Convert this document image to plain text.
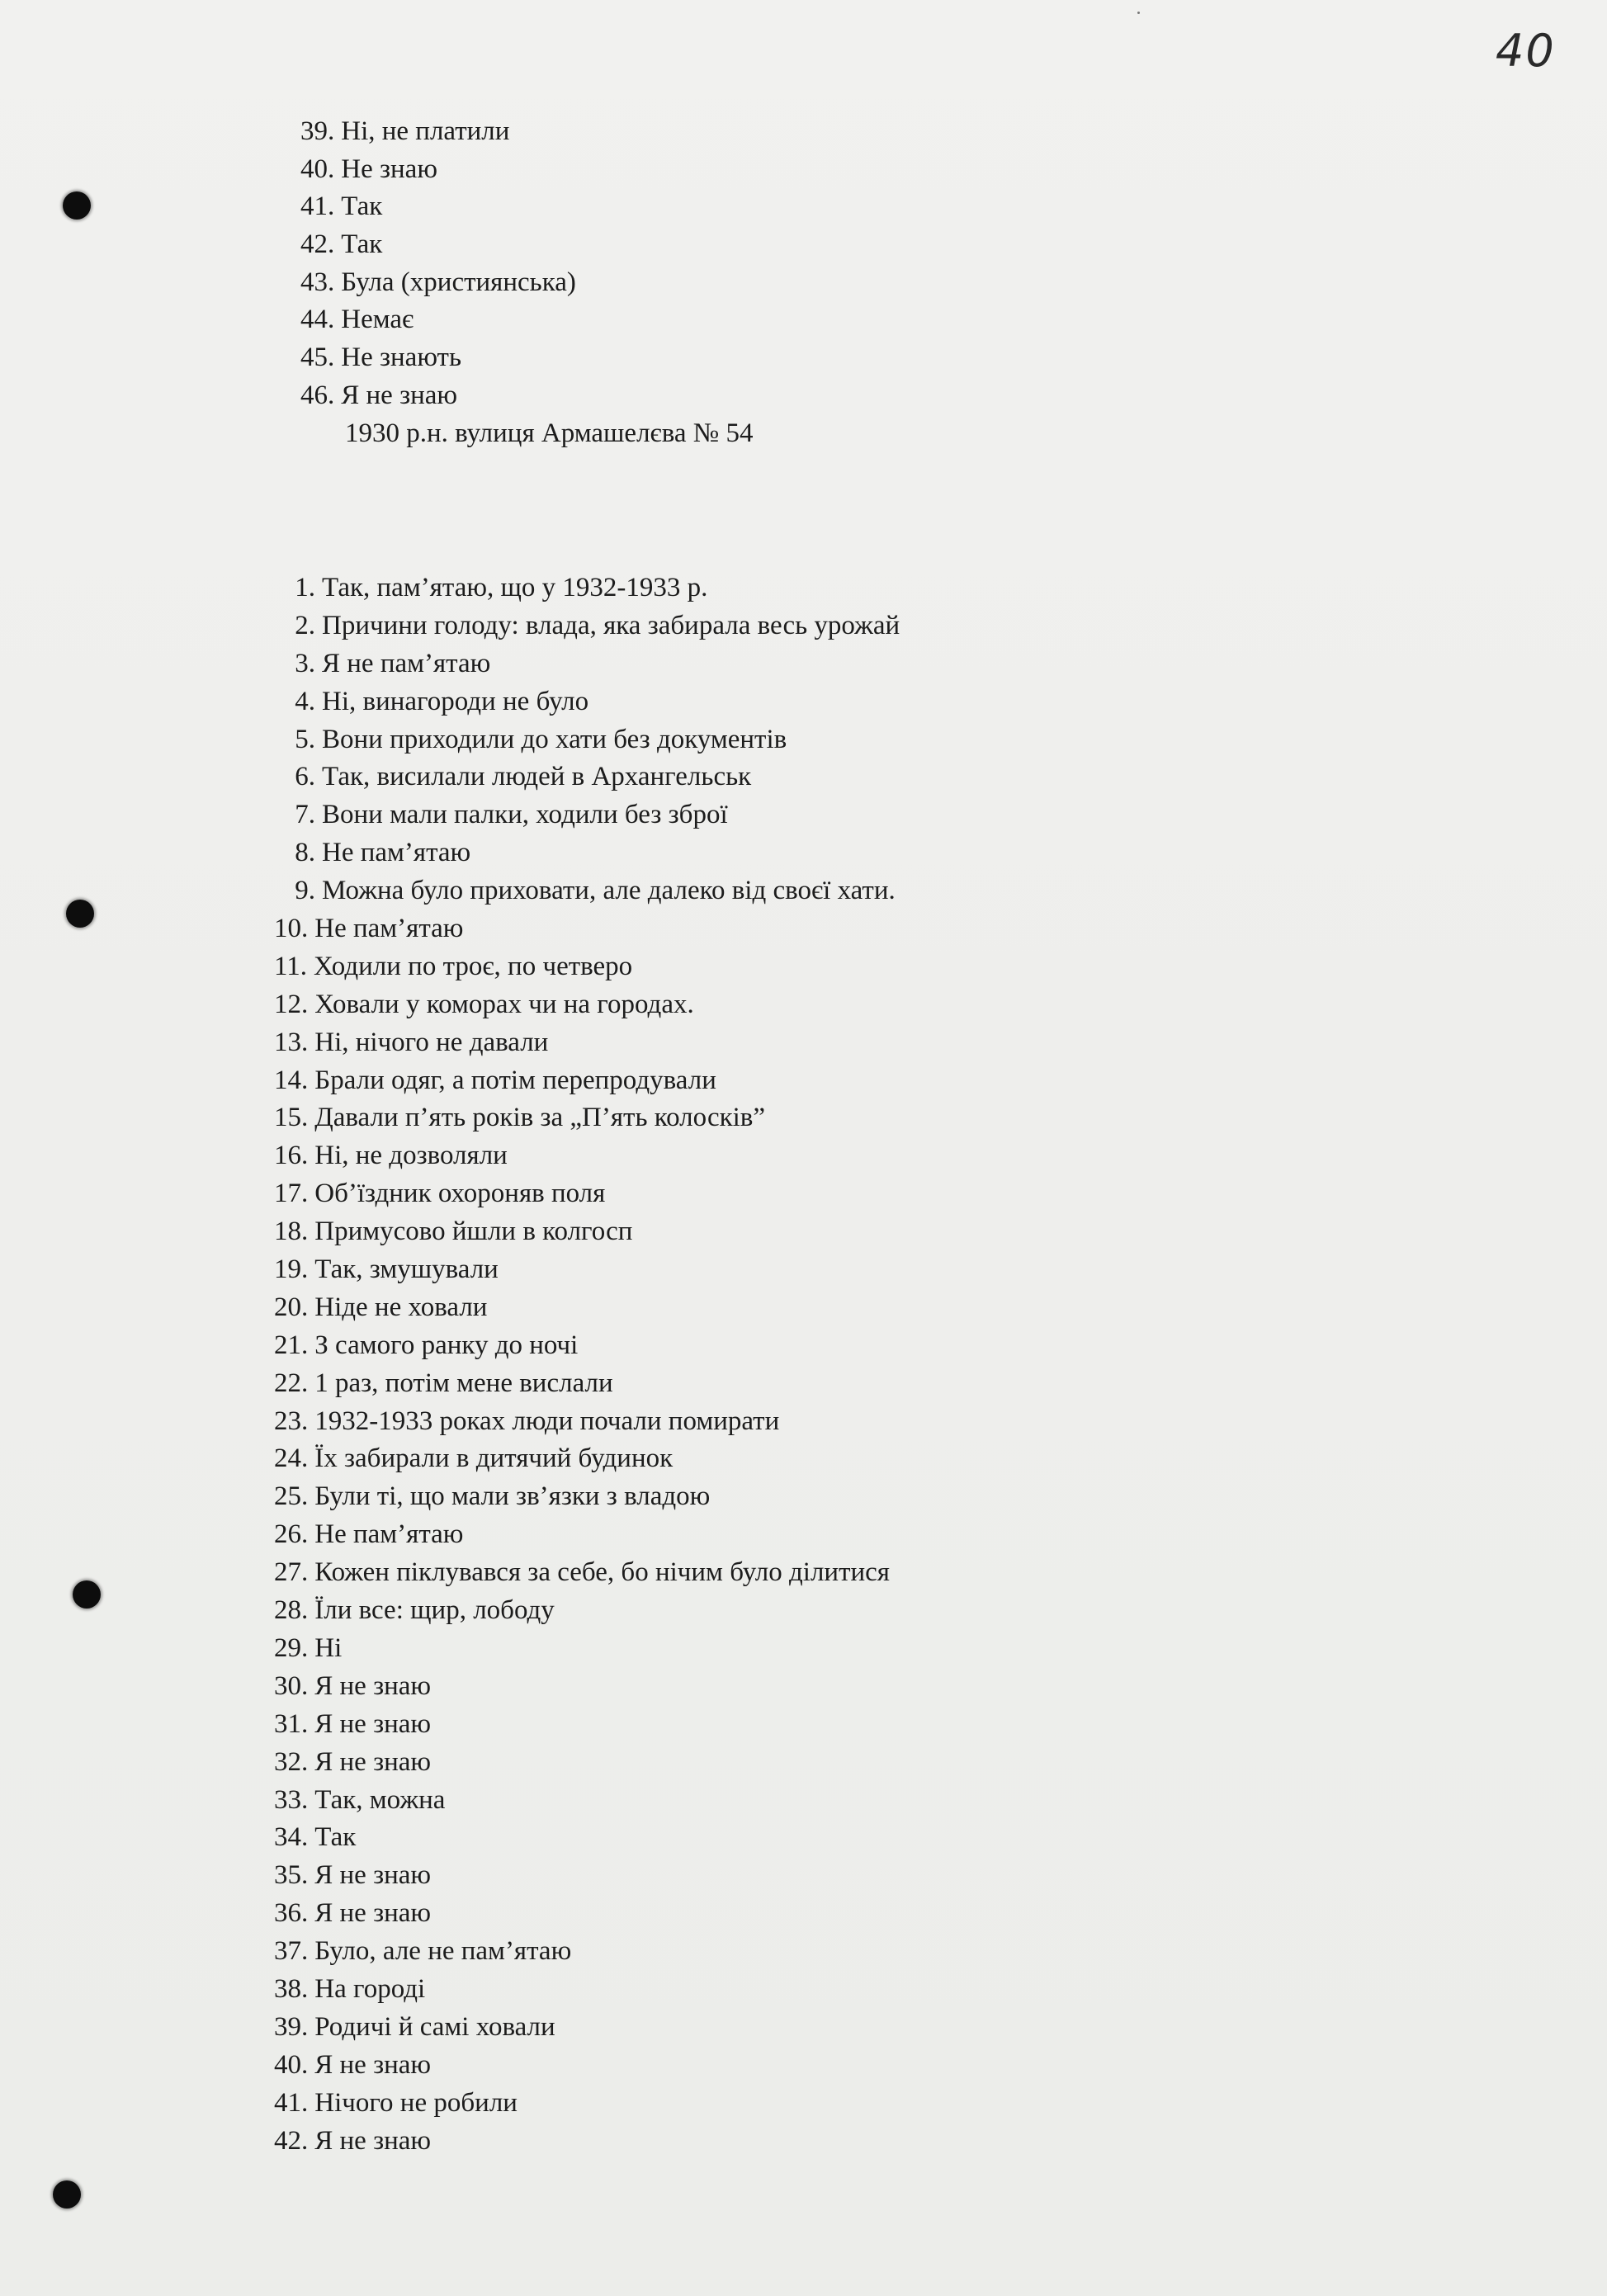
40
39. Ні, не платили
40. Не знаю
41. Так
42. Так
43. Була (християнська)
44. Немає
45. Не знають
46. Я не знаю
1930 р.н. вулиця Армашелєва № 54
1. Так, пам’ятаю, що у 1932-1933 р.
2. Причини голоду: влада, яка забирала весь урожай
3. Я не пам’ятаю
4. Ні, винагороди не було
5. Вони приходили до хати без документів
6. Так, висилали людей в Архангельськ
7. Вони мали палки, ходили без зброї
8. Не пам’ятаю
9. Можна було приховати, але далеко від своєї хати.
10. Не пам’ятаю
11. Ходили по троє, по четверо
12. Ховали у коморах чи на городах.
13. Ні, нічого не давали
14. Брали одяг, а потім перепродували
15. Давали п’ять років за „П’ять колосків”
16. Ні, не дозволяли
17. Об’їздник охороняв поля
18. Примусово йшли в колгосп
19. Так, змушували
20. Ніде не ховали
21. З самого ранку до ночі
22. 1 раз, потім мене вислали
23. 1932-1933 роках люди почали помирати
24. Їх забирали в дитячий будинок
25. Були ті, що мали зв’язки з владою
26. Не пам’ятаю
27. Кожен піклувався за себе, бо нічим було ділитися
28. Їли все: щир, лободу
29. Ні
30. Я не знаю
31. Я не знаю
32. Я не знаю
33. Так, можна
34. Так
35. Я не знаю
36. Я не знаю
37. Було, але не пам’ятаю
38. На городі
39. Родичі й самі ховали
40. Я не знаю
41. Нічого не робили
42. Я не знаю
